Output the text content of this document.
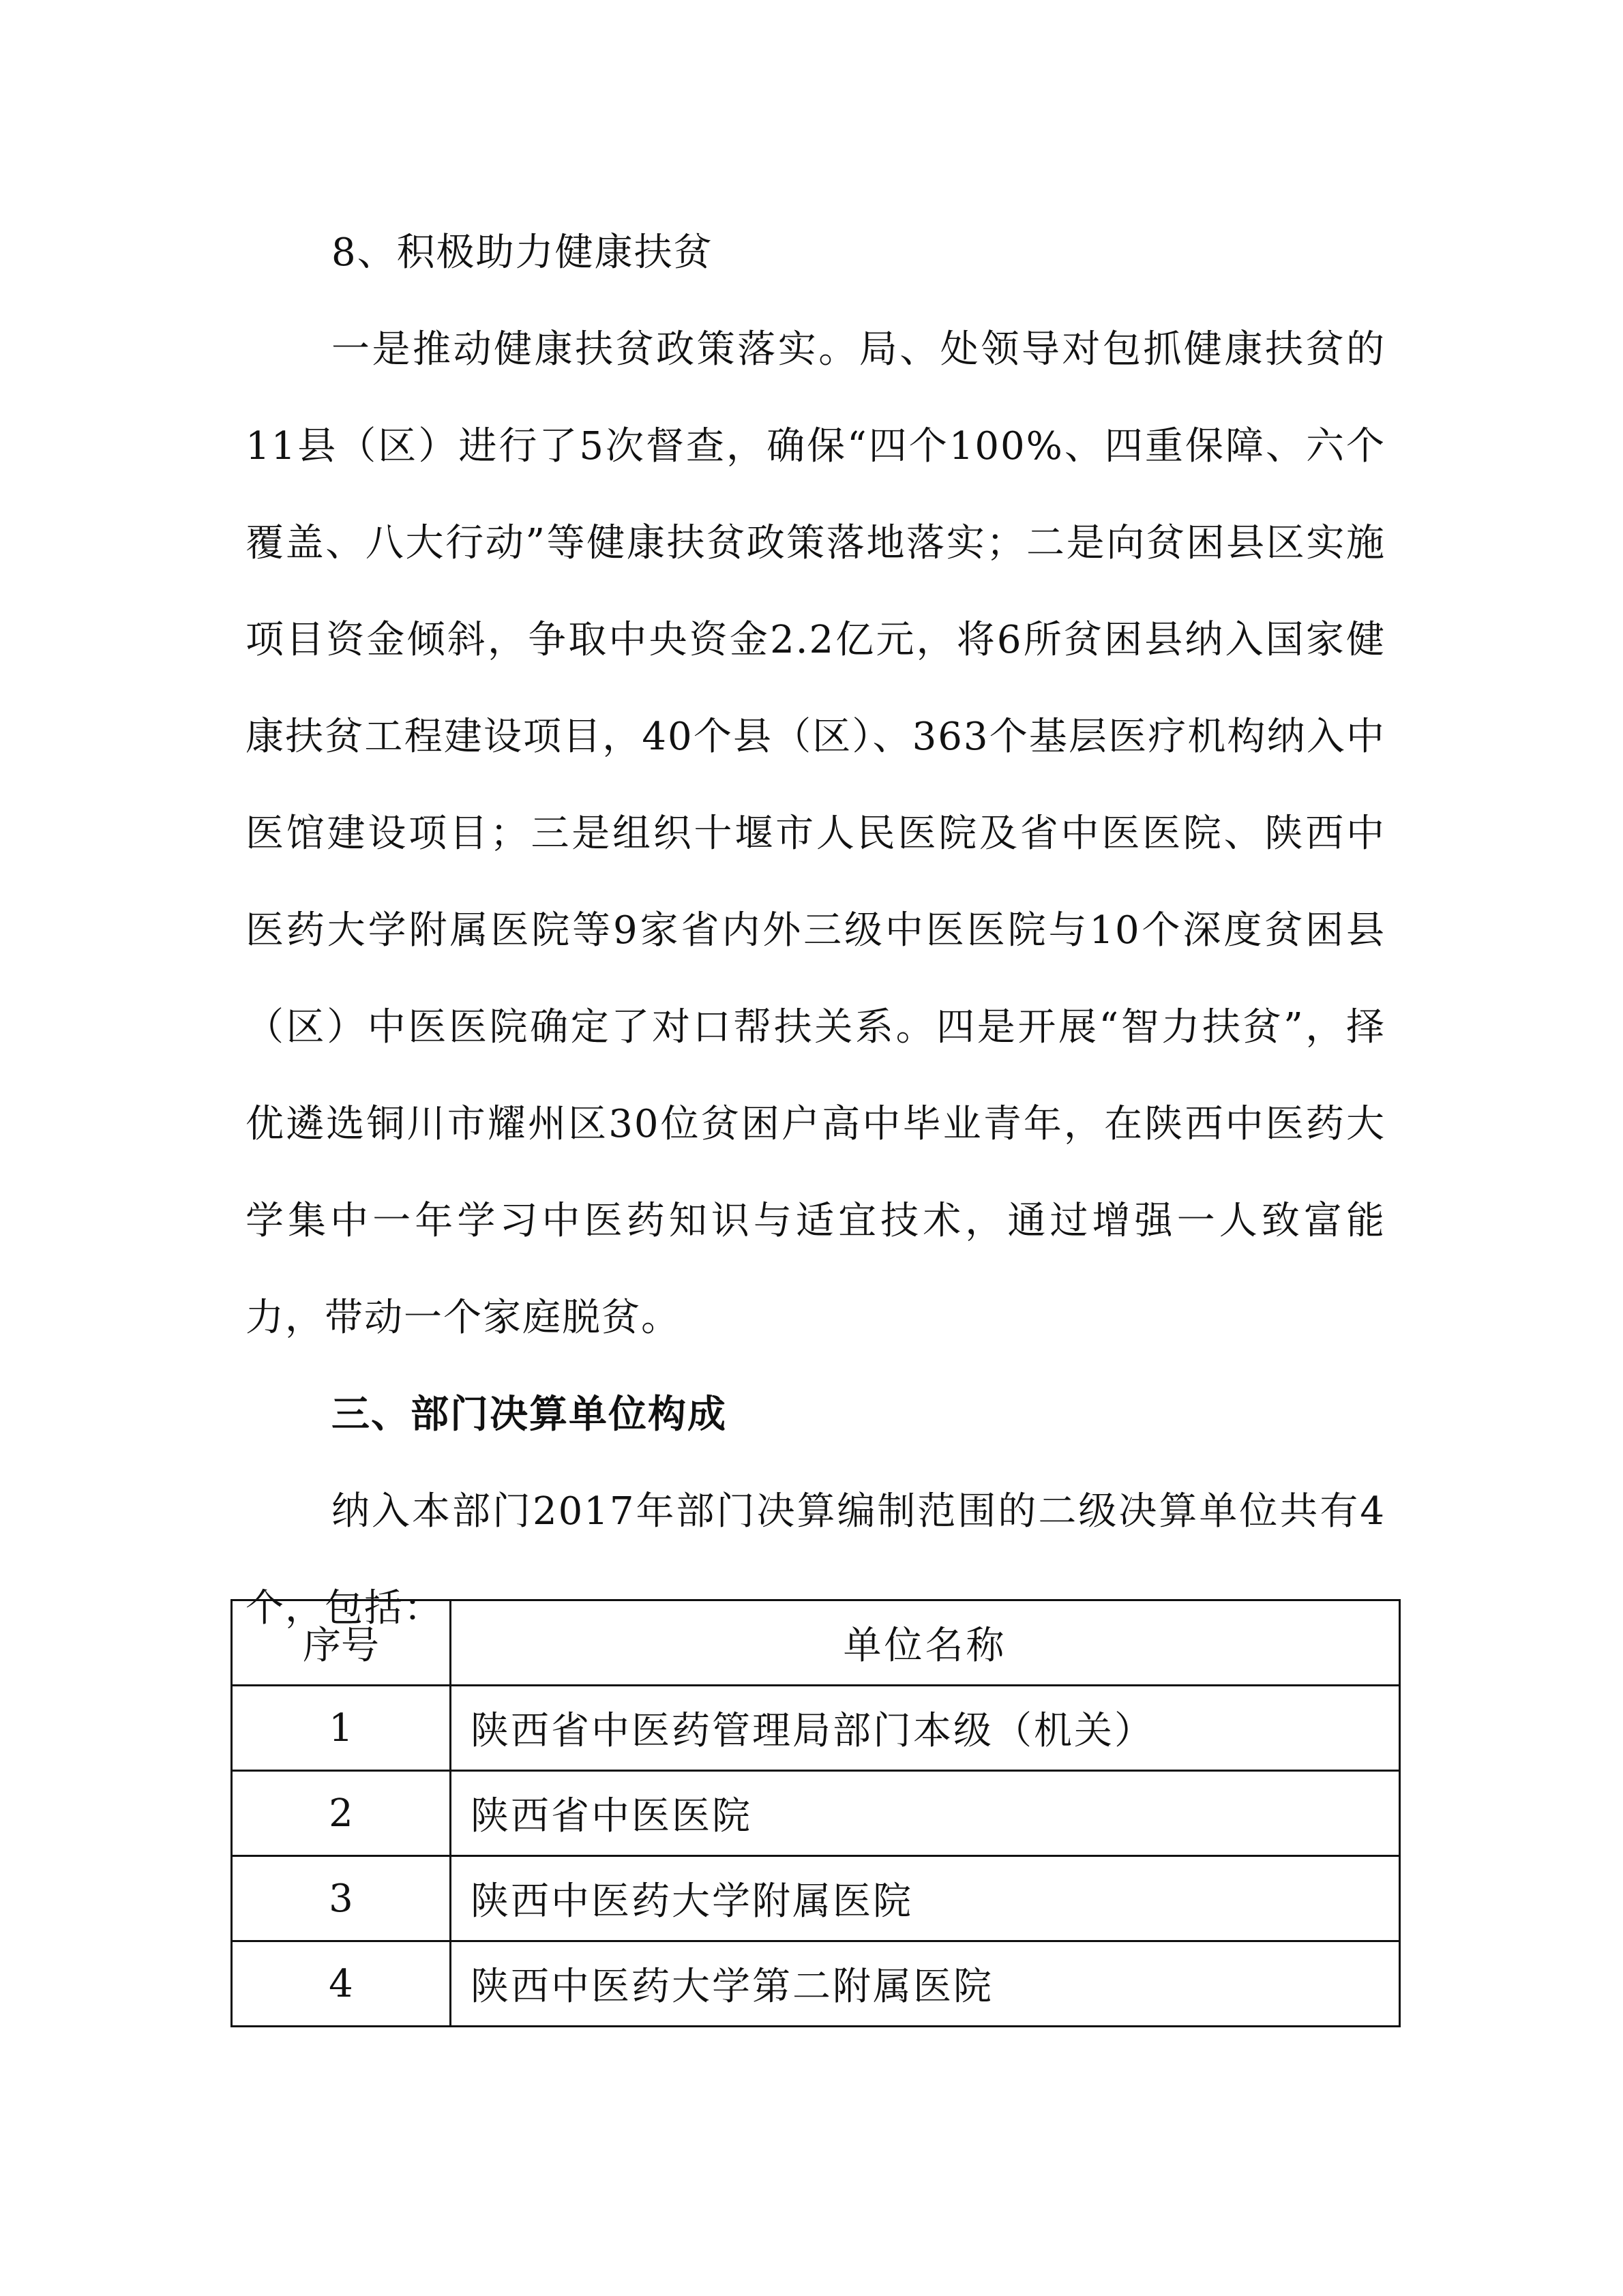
8、积极助力健康扶贫

一是推动健康扶贫政策落实。局、处领导对包抓健康扶贫的11县（区）进行了5次督查，确保“四个100%、四重保障、六个覆盖、八大行动”等健康扶贫政策落地落实；二是向贫困县区实施项目资金倾斜，争取中央资金2.2亿元，将6所贫困县纳入国家健康扶贫工程建设项目，40个县（区）、363个基层医疗机构纳入中医馆建设项目；三是组织十堰市人民医院及省中医医院、陕西中医药大学附属医院等9家省内外三级中医医院与10个深度贫困县（区）中医医院确定了对口帮扶关系。四是开展“智力扶贫”，择优遴选铜川市耀州区30位贫困户高中毕业青年，在陕西中医药大学集中一年学习中医药知识与适宜技术，通过增强一人致富能力，带动一个家庭脱贫。

三、部门决算单位构成

纳入本部门2017年部门决算编制范围的二级决算单位共有4个，包括：

序号	单位名称
1	陕西省中医药管理局部门本级（机关）
2	陕西省中医医院
3	陕西中医药大学附属医院
4	陕西中医药大学第二附属医院
